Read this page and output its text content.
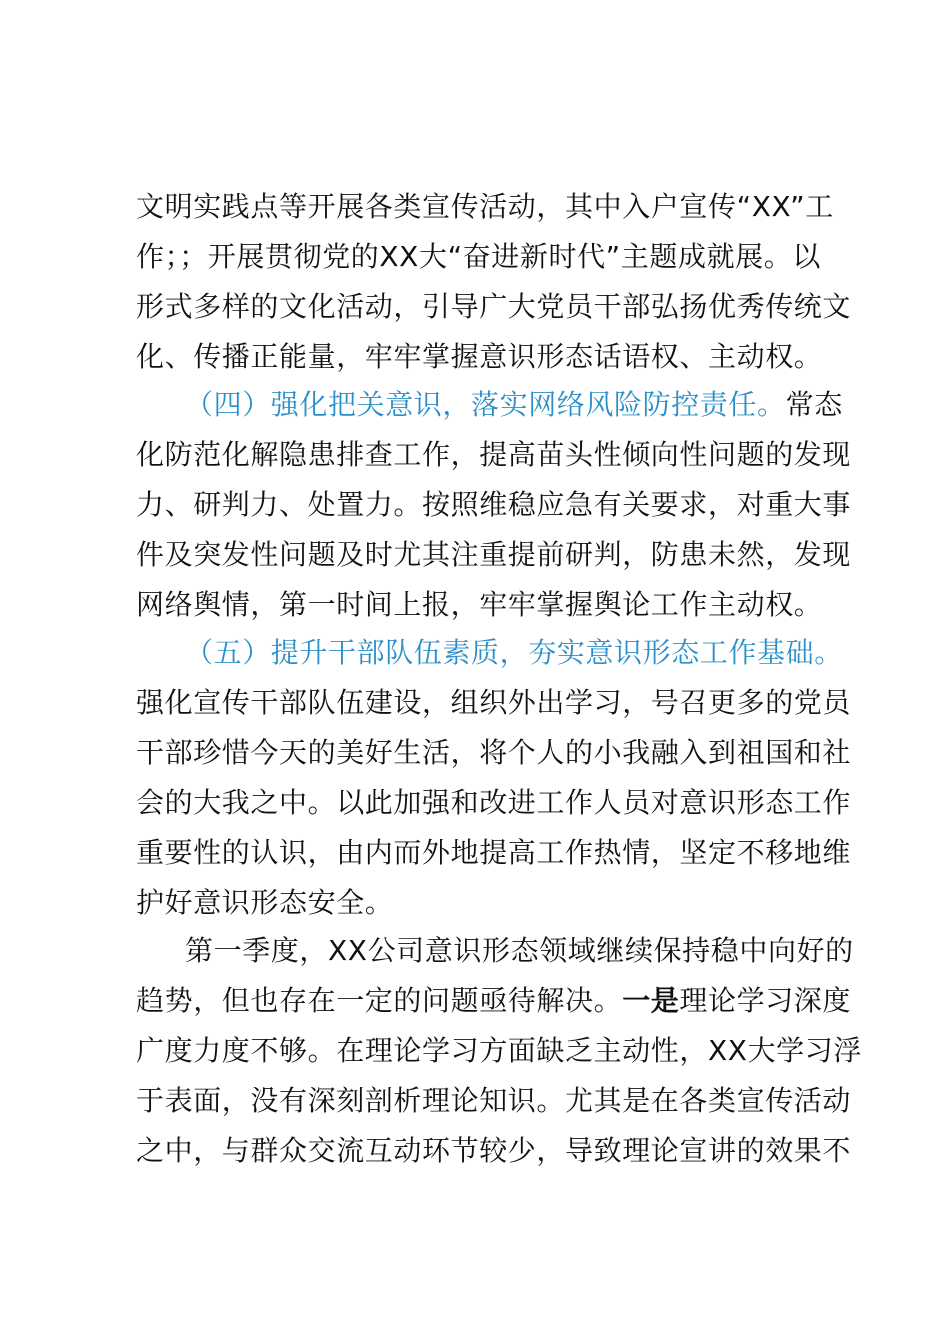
文明实践点等开展各类宣传活动，其中入户宣传“XX”工
作；；开展贯彻党的XX大“奋进新时代”主题成就展。以
形式多样的文化活动，引导广大党员干部弘扬优秀传统文
化、传播正能量，牢牢掌握意识形态话语权、主动权。
（四）强化把关意识，落实网络风险防控责任。常态
化防范化解隐患排查工作，提高苗头性倾向性问题的发现
力、研判力、处置力。按照维稳应急有关要求，对重大事
件及突发性问题及时尤其注重提前研判，防患未然，发现
网络舆情，第一时间上报，牢牢掌握舆论工作主动权。
（五）提升干部队伍素质，夯实意识形态工作基础。
强化宣传干部队伍建设，组织外出学习，号召更多的党员
干部珍惜今天的美好生活，将个人的小我融入到祖国和社
会的大我之中。以此加强和改进工作人员对意识形态工作
重要性的认识，由内而外地提高工作热情，坚定不移地维
护好意识形态安全。
第一季度，XX公司意识形态领域继续保持稳中向好的
趋势，但也存在一定的问题亟待解决。一是理论学习深度
广度力度不够。在理论学习方面缺乏主动性，XX大学习浮
于表面，没有深刻剖析理论知识。尤其是在各类宣传活动
之中，与群众交流互动环节较少，导致理论宣讲的效果不
